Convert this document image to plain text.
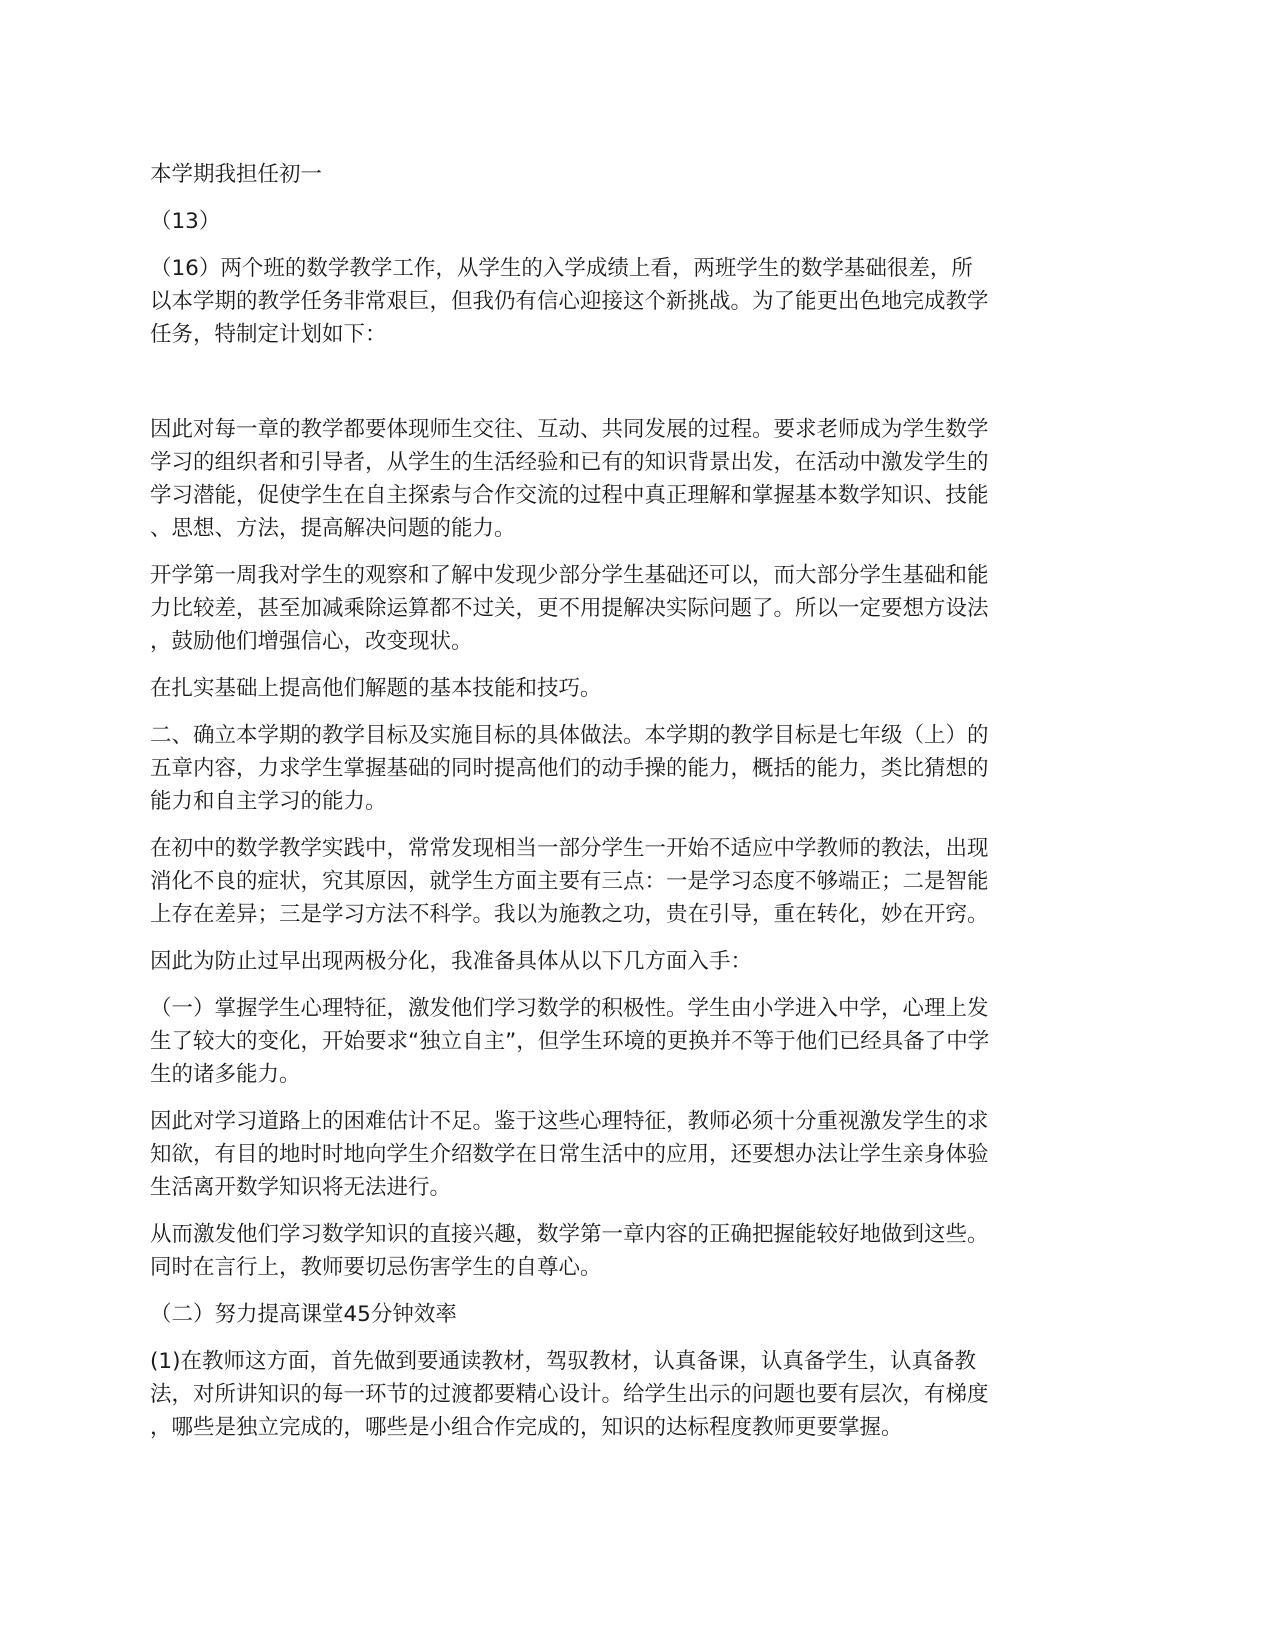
本学期我担任初一

（13）

（16）两个班的数学教学工作，从学生的入学成绩上看，两班学生的数学基础很差，所
以本学期的教学任务非常艰巨，但我仍有信心迎接这个新挑战。为了能更出色地完成教学
任务，特制定计划如下：

因此对每一章的教学都要体现师生交往、互动、共同发展的过程。要求老师成为学生数学
学习的组织者和引导者，从学生的生活经验和已有的知识背景出发，在活动中激发学生的
学习潜能，促使学生在自主探索与合作交流的过程中真正理解和掌握基本数学知识、技能
、思想、方法，提高解决问题的能力。

开学第一周我对学生的观察和了解中发现少部分学生基础还可以，而大部分学生基础和能
力比较差，甚至加减乘除运算都不过关，更不用提解决实际问题了。所以一定要想方设法
，鼓励他们增强信心，改变现状。

在扎实基础上提高他们解题的基本技能和技巧。

二、确立本学期的教学目标及实施目标的具体做法。本学期的教学目标是七年级（上）的
五章内容，力求学生掌握基础的同时提高他们的动手操的能力，概括的能力，类比猜想的
能力和自主学习的能力。

在初中的数学教学实践中，常常发现相当一部分学生一开始不适应中学教师的教法，出现
消化不良的症状，究其原因，就学生方面主要有三点：一是学习态度不够端正；二是智能
上存在差异；三是学习方法不科学。我以为施教之功，贵在引导，重在转化，妙在开窍。

因此为防止过早出现两极分化，我准备具体从以下几方面入手：

（一）掌握学生心理特征，激发他们学习数学的积极性。学生由小学进入中学，心理上发
生了较大的变化，开始要求“独立自主”，但学生环境的更换并不等于他们已经具备了中学
生的诸多能力。

因此对学习道路上的困难估计不足。鉴于这些心理特征，教师必须十分重视激发学生的求
知欲，有目的地时时地向学生介绍数学在日常生活中的应用，还要想办法让学生亲身体验
生活离开数学知识将无法进行。

从而激发他们学习数学知识的直接兴趣，数学第一章内容的正确把握能较好地做到这些。
同时在言行上，教师要切忌伤害学生的自尊心。

（二）努力提高课堂45分钟效率

(1)在教师这方面，首先做到要通读教材，驾驭教材，认真备课，认真备学生，认真备教
法，对所讲知识的每一环节的过渡都要精心设计。给学生出示的问题也要有层次，有梯度
，哪些是独立完成的，哪些是小组合作完成的，知识的达标程度教师更要掌握。
